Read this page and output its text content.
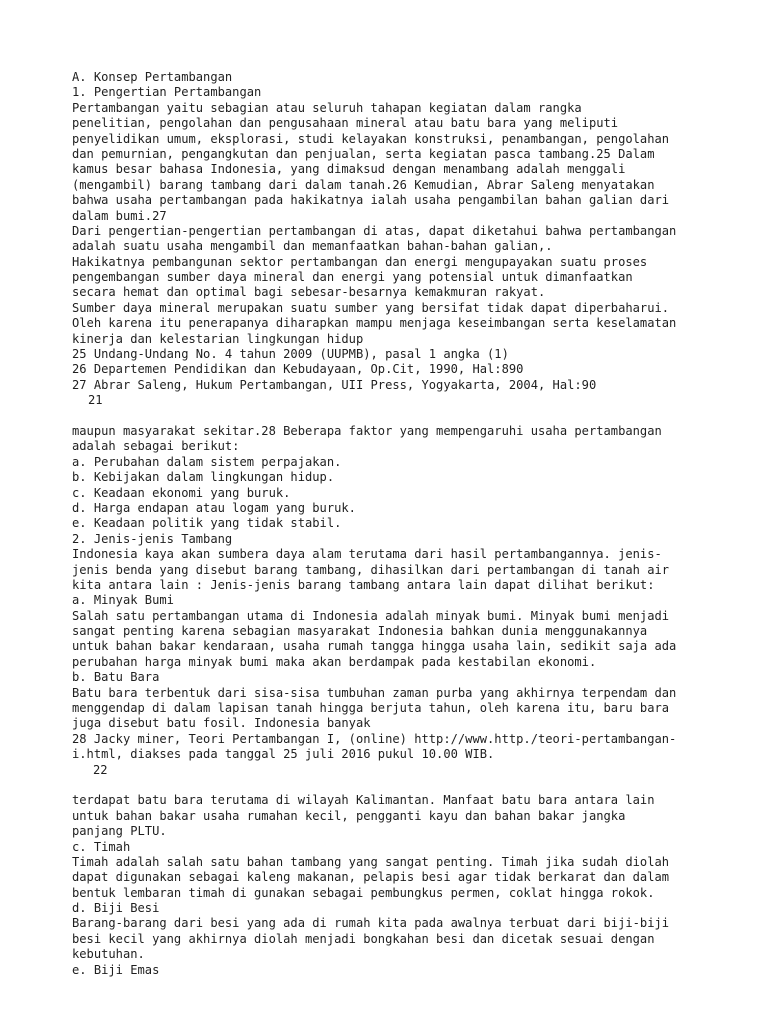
A. Konsep Pertambangan
1. Pengertian Pertambangan
Pertambangan yaitu sebagian atau seluruh tahapan kegiatan dalam rangka
penelitian, pengolahan dan pengusahaan mineral atau batu bara yang meliputi
penyelidikan umum, eksplorasi, studi kelayakan konstruksi, penambangan, pengolahan
dan pemurnian, pengangkutan dan penjualan, serta kegiatan pasca tambang.25 Dalam
kamus besar bahasa Indonesia, yang dimaksud dengan menambang adalah menggali
(mengambil) barang tambang dari dalam tanah.26 Kemudian, Abrar Saleng menyatakan
bahwa usaha pertambangan pada hakikatnya ialah usaha pengambilan bahan galian dari
dalam bumi.27
Dari pengertian-pengertian pertambangan di atas, dapat diketahui bahwa pertambangan
adalah suatu usaha mengambil dan memanfaatkan bahan-bahan galian,.
Hakikatnya pembangunan sektor pertambangan dan energi mengupayakan suatu proses
pengembangan sumber daya mineral dan energi yang potensial untuk dimanfaatkan
secara hemat dan optimal bagi sebesar-besarnya kemakmuran rakyat.
Sumber daya mineral merupakan suatu sumber yang bersifat tidak dapat diperbaharui.
Oleh karena itu penerapanya diharapkan mampu menjaga keseimbangan serta keselamatan
kinerja dan kelestarian lingkungan hidup
25 Undang-Undang No. 4 tahun 2009 (UUPMB), pasal 1 angka (1)
26 Departemen Pendidikan dan Kebudayaan, Op.Cit, 1990, Hal:890
27 Abrar Saleng, Hukum Pertambangan, UII Press, Yogyakarta, 2004, Hal:90
21
maupun masyarakat sekitar.28 Beberapa faktor yang mempengaruhi usaha pertambangan
adalah sebagai berikut:
a. Perubahan dalam sistem perpajakan.
b. Kebijakan dalam lingkungan hidup.
c. Keadaan ekonomi yang buruk.
d. Harga endapan atau logam yang buruk.
e. Keadaan politik yang tidak stabil.
2. Jenis-jenis Tambang
Indonesia kaya akan sumbera daya alam terutama dari hasil pertambangannya. jenis-
jenis benda yang disebut barang tambang, dihasilkan dari pertambangan di tanah air
kita antara lain : Jenis-jenis barang tambang antara lain dapat dilihat berikut:
a. Minyak Bumi
Salah satu pertambangan utama di Indonesia adalah minyak bumi. Minyak bumi menjadi
sangat penting karena sebagian masyarakat Indonesia bahkan dunia menggunakannya
untuk bahan bakar kendaraan, usaha rumah tangga hingga usaha lain, sedikit saja ada
perubahan harga minyak bumi maka akan berdampak pada kestabilan ekonomi.
b. Batu Bara
Batu bara terbentuk dari sisa-sisa tumbuhan zaman purba yang akhirnya terpendam dan
menggendap di dalam lapisan tanah hingga berjuta tahun, oleh karena itu, baru bara
juga disebut batu fosil. Indonesia banyak
28 Jacky miner, Teori Pertambangan I, (online) http://www.http./teori-pertambangan-
i.html, diakses pada tanggal 25 juli 2016 pukul 10.00 WIB.
22
terdapat batu bara terutama di wilayah Kalimantan. Manfaat batu bara antara lain
untuk bahan bakar usaha rumahan kecil, pengganti kayu dan bahan bakar jangka
panjang PLTU.
c. Timah
Timah adalah salah satu bahan tambang yang sangat penting. Timah jika sudah diolah
dapat digunakan sebagai kaleng makanan, pelapis besi agar tidak berkarat dan dalam
bentuk lembaran timah di gunakan sebagai pembungkus permen, coklat hingga rokok.
d. Biji Besi
Barang-barang dari besi yang ada di rumah kita pada awalnya terbuat dari biji-biji
besi kecil yang akhirnya diolah menjadi bongkahan besi dan dicetak sesuai dengan
kebutuhan.
e. Biji Emas
